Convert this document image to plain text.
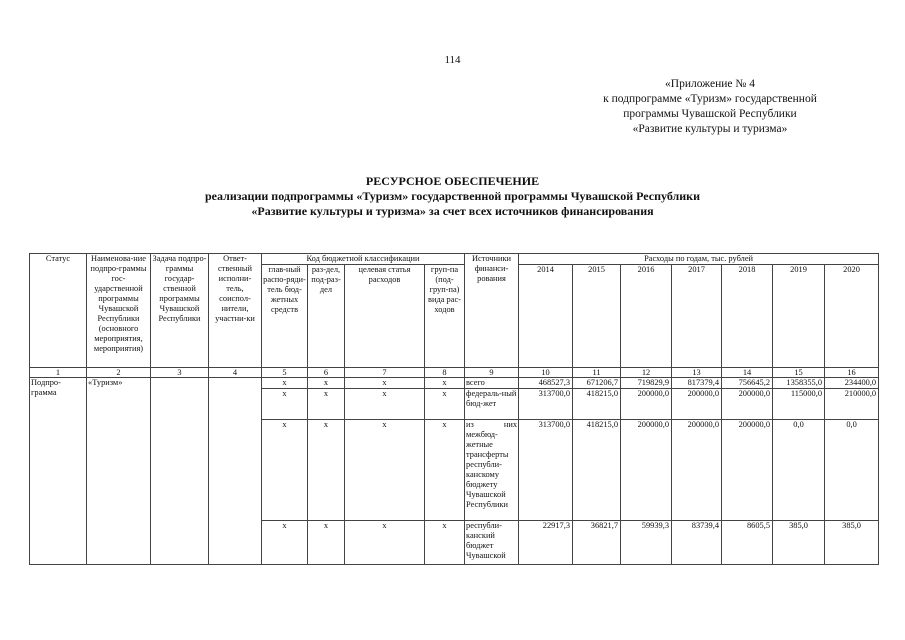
114
«Приложение № 4
к подпрограмме «Туризм» государственной
программы Чувашской Республики
«Развитие культуры и туризма»
РЕСУРСНОЕ ОБЕСПЕЧЕНИЕ
реализации подпрограммы «Туризм» государственной программы Чувашской Республики
«Развитие культуры и туризма» за счет всех источников финансирования
Статус	Наименова-ние подпро-граммы гос-ударственной программы Чувашской Республики (основного мероприятия, мероприятия)	Задача подпро-граммы государ-ственной программы Чувашской Республики	Ответ-ственный исполни-тель, соиспол-нители, участни-ки	Код бюджетной классификации				Источники финанси-рования	Расходы по годам, тыс. рублей						
				глав-ный распо-ряди-тель бюд-жетных средств	раз-дел, под-раз-дел	целевая статья расходов	груп-па (под-груп-па) вида рас-ходов		2014	2015	2016	2017	2018	2019	2020
1	2	3	4	5	6	7	8	9	10	11	12	13	14	15	16
Подпро-грамма	«Туризм»			x	x	x	x	всего	468527,3	671206,7	719829,9	817379,4	756645,2	1358355,0	234400,0
				x	x	x	x	федераль-ный бюд-жет	313700,0	418215,0	200000,0	200000,0	200000,0	115000,0	210000,0
				x	x	x	x	из них межбюд-жетные трансферты республи-канскому бюджету Чувашской Республики	313700,0	418215,0	200000,0	200000,0	200000,0	0,0	0,0
				x	x	x	x	республи-канский бюджет Чувашской	22917,3	36821,7	59939,3	83739,4	8605,5	385,0	385,0
